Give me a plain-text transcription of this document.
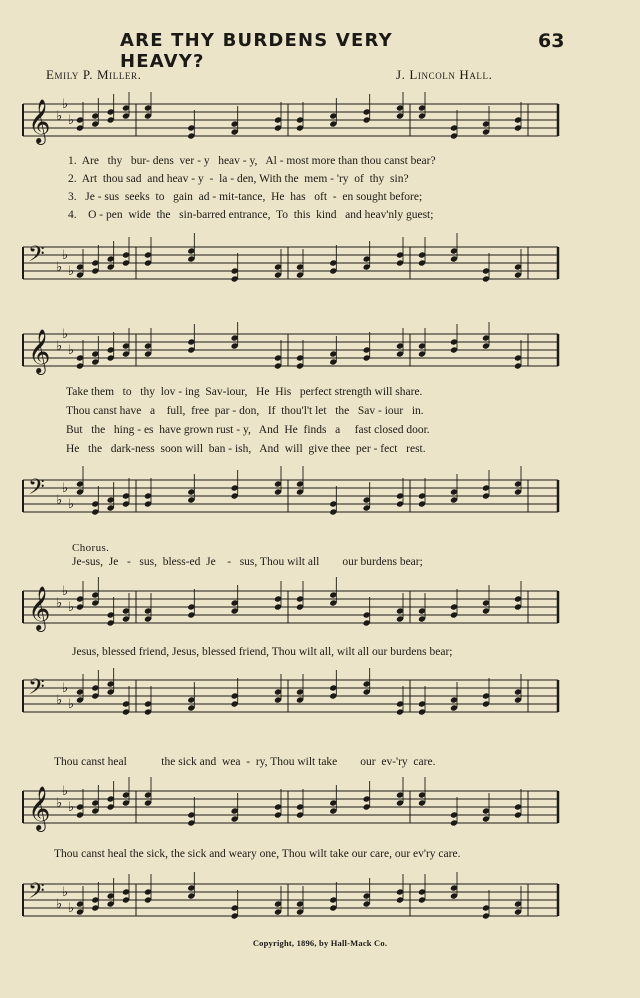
ARE THY BURDENS VERY HEAVY?
63
Emily P. Miller.	J. Lincoln Hall.
𝄞 ♭
♭
♭
1.  Are   thy   bur- dens  ver - y   heav - y,   Al - most more than thou canst bear?
2.  Art  thou sad  and heav - y  -  la - den, With the  mem - 'ry  of  thy  sin?
3.   Je - sus  seeks  to   gain  ad - mit-tance,  He  has   oft  -  en sought before;
4.    O - pen  wide  the   sin-barred entrance,  To  this  kind   and heav'nly guest;
𝄢 ♭
♭
♭
𝄞 ♭
♭
♭
Take them   to   thy  lov - ing  Sav-iour,   He  His   perfect strength will share.
Thou canst have   a    full,  free  par - don,   If  thou'l't let   the   Sav - iour   in.
But   the   hing - es  have grown rust - y,   And  He  finds   a     fast closed door.
He   the   dark-ness  soon will  ban - ish,   And  will  give thee  per - fect   rest.
𝄢 ♭
♭
♭
Chorus.
Je-sus,  Je   -   sus,  bless-ed  Je    -   sus, Thou wilt all        our burdens bear;
𝄞 ♭
♭
♭
Jesus, blessed friend, Jesus, blessed friend, Thou wilt all, wilt all our burdens bear;
𝄢 ♭
♭
♭
Thou canst heal            the sick and  wea  -  ry, Thou wilt take        our  ev-'ry  care.
𝄞 ♭
♭
♭
Thou canst heal the sick, the sick and weary one, Thou wilt take our care, our ev'ry care.
𝄢 ♭
♭
♭
Copyright, 1896, by Hall-Mack Co.
